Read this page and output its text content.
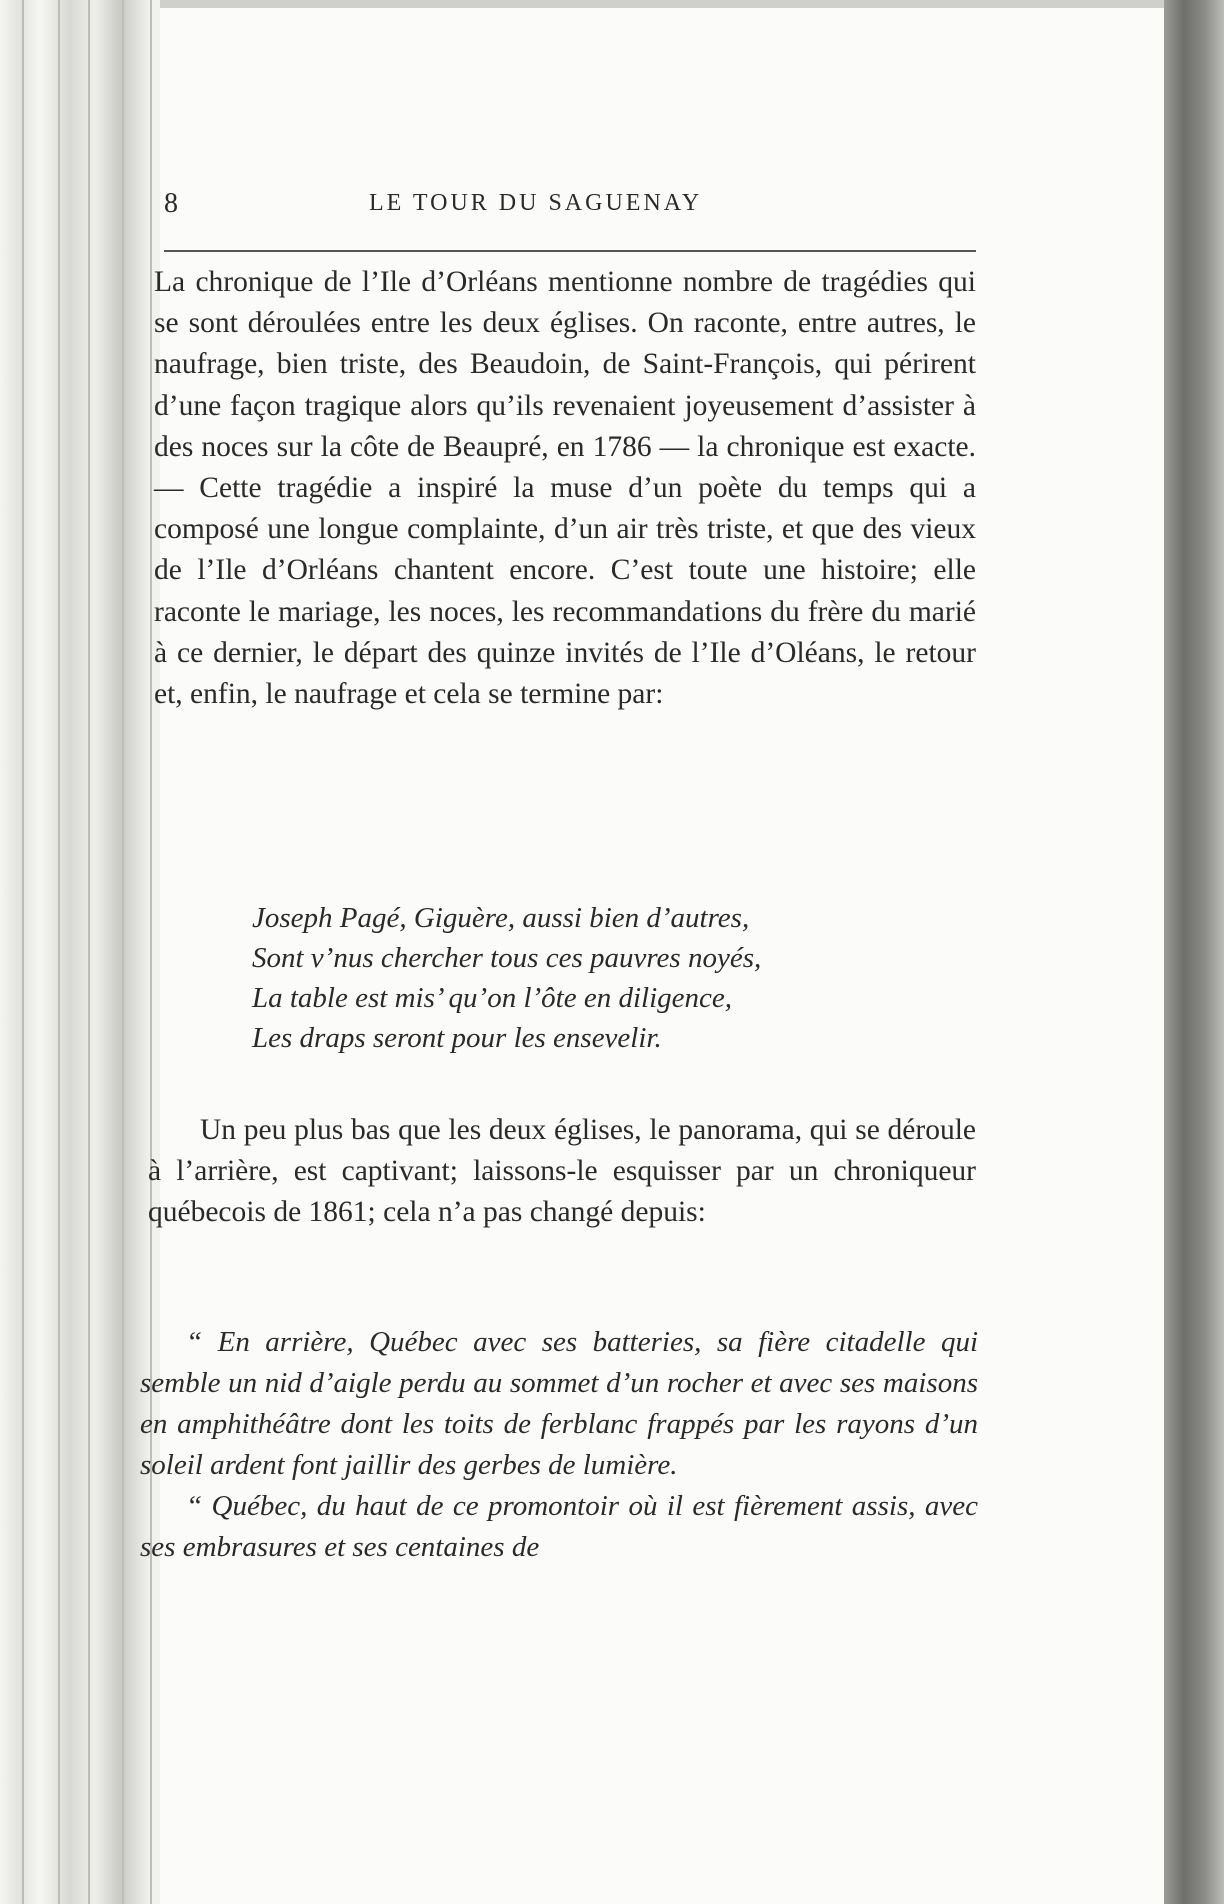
8	LE TOUR DU SAGUENAY

La chronique de l’Ile d’Orléans mentionne nombre de tragédies qui se sont déroulées entre les deux églises. On raconte, entre autres, le naufrage, bien triste, des Beaudoin, de Saint-François, qui périrent d’une façon tragique alors qu’ils revenaient joyeusement d’assister à des noces sur la côte de Beaupré, en 1786 — la chronique est exacte. — Cette tragédie a inspiré la muse d’un poète du temps qui a composé une longue complainte, d’un air très triste, et que des vieux de l’Ile d’Orléans chantent encore. C’est toute une histoire; elle raconte le mariage, les noces, les recommandations du frère du marié à ce dernier, le départ des quinze invités de l’Ile d’Oléans, le retour et, enfin, le naufrage et cela se termine par:

Joseph Pagé, Giguère, aussi bien d’autres,
Sont v’nus chercher tous ces pauvres noyés,
La table est mis’ qu’on l’ôte en diligence,
Les draps seront pour les ensevelir.

Un peu plus bas que les deux églises, le panorama, qui se déroule à l’arrière, est captivant; laissons-le esquisser par un chroniqueur québecois de 1861; cela n’a pas changé depuis:

“ En arrière, Québec avec ses batteries, sa fière citadelle qui semble un nid d’aigle perdu au sommet d’un rocher et avec ses maisons en amphithéâtre dont les toits de ferblanc frappés par les rayons d’un soleil ardent font jaillir des gerbes de lumière.

“ Québec, du haut de ce promontoir où il est fièrement assis, avec ses embrasures et ses centaines de
